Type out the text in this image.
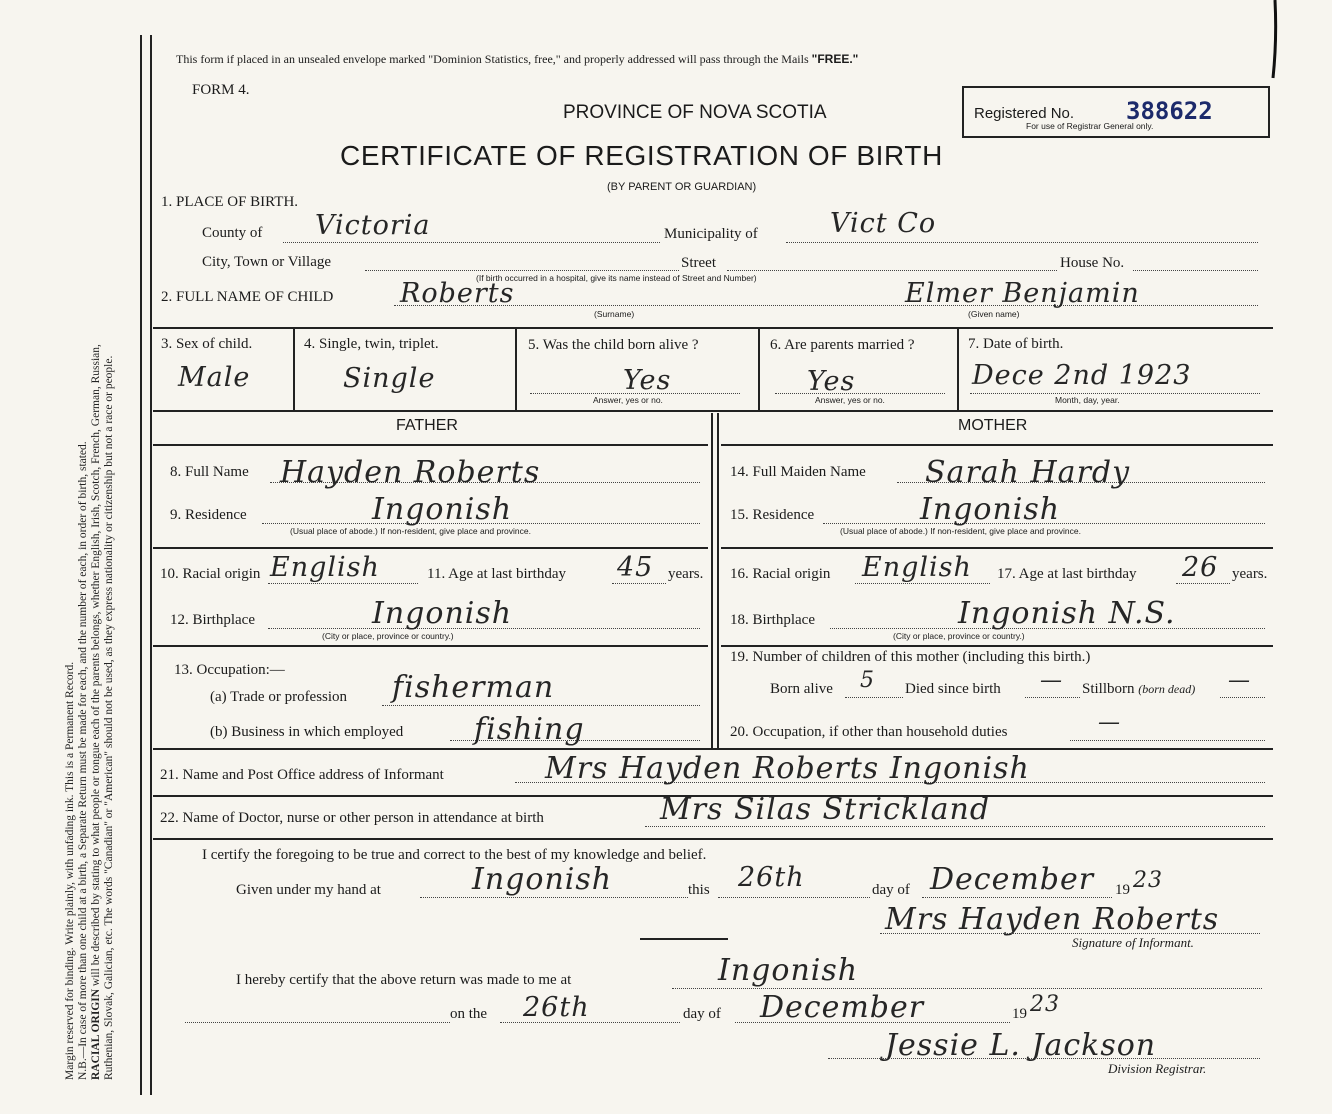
Margin reserved for binding. Write plainly, with unfading ink. This is a Permanent Record. N.B.—In case of more than one child at a birth, a Separate Return must be made for each, and the number of each, in order of birth, stated. RACIAL ORIGIN will be described by stating to what people or tongue each of the parents belongs, whether English, Irish, Scotch, French, German, Russian, Ruthenian, Slovak, Galician, etc. The words "Canadian" or "American" should not be used, as they express nationality or citizenship but not a race or people.
This form if placed in an unsealed envelope marked "Dominion Statistics, free," and properly addressed will pass through the Mails "FREE."
FORM 4.
PROVINCE OF NOVA SCOTIA
CERTIFICATE OF REGISTRATION OF BIRTH
(BY PARENT OR GUARDIAN)
Registered No. 388622
For use of Registrar General only.
1. PLACE OF BIRTH.
County of Victoria	Municipality of	Vict Co
City, Town or Village	Street	House No.
(If birth occurred in a hospital, give its name instead of Street and Number)
2. FULL NAME OF CHILD Roberts	Elmer Benjamin
(Surname)	(Given name)
3. Sex of child.
Male
4. Single, twin, triplet.
Single
5. Was the child born alive ?
Yes
Answer, yes or no.
6. Are parents married ?
Yes
Answer, yes or no.
7. Date of birth.
Dece 2nd 1923
Month, day, year.
FATHER	MOTHER
8. Full Name Hayden Roberts
9. Residence	Ingonish
(Usual place of abode.) If non-resident, give place and province.
10. Racial origin English	11. Age at last birthday 45 years.
12. Birthplace	Ingonish
(City or place, province or country.)
13. Occupation:—
(a) Trade or profession fisherman
(b) Business in which employed fishing
14. Full Maiden Name Sarah Hardy
15. Residence	Ingonish
(Usual place of abode.) If non-resident, give place and province.
16. Racial origin English 17. Age at last birthday 26 years.
18. Birthplace	Ingonish N.S.
(City or place, province or country.)
19. Number of children of this mother (including this birth.)
Born alive 5 Died since birth — Stillborn (born dead) —
20. Occupation, if other than household duties	—
21. Name and Post Office address of Informant	Mrs Hayden Roberts Ingonish
22. Name of Doctor, nurse or other person in attendance at birth	Mrs Silas Strickland
I certify the foregoing to be true and correct to the best of my knowledge and belief.
Given under my hand at	Ingonish	this 26th	day of December 19 23
Mrs Hayden Roberts
Signature of Informant.
I hereby certify that the above return was made to me at	Ingonish
on the 26th	day of December	19 23
Jessie L. Jackson
Division Registrar.
